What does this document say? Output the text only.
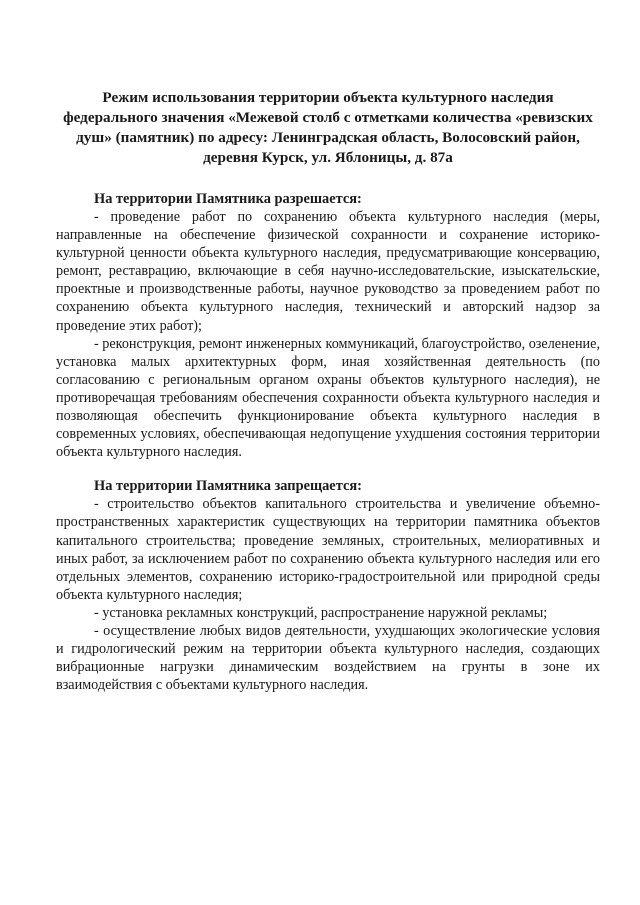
Режим использования территории объекта культурного наследия федерального значения «Межевой столб с отметками количества «ревизских душ» (памятник) по адресу: Ленинградская область, Волосовский район, деревня Курск, ул. Яблоницы, д. 87а

На территории Памятника разрешается:

- проведение работ по сохранению объекта культурного наследия (меры, направленные на обеспечение физической сохранности и сохранение историко-культурной ценности объекта культурного наследия, предусматривающие консервацию, ремонт, реставрацию, включающие в себя научно-исследовательские, изыскательские, проектные и производственные работы, научное руководство за проведением работ по сохранению объекта культурного наследия, технический и авторский надзор за проведение этих работ);

- реконструкция, ремонт инженерных коммуникаций, благоустройство, озеленение, установка малых архитектурных форм, иная хозяйственная деятельность (по согласованию с региональным органом охраны объектов культурного наследия), не противоречащая требованиям обеспечения сохранности объекта культурного наследия и позволяющая обеспечить функционирование объекта культурного наследия в современных условиях, обеспечивающая недопущение ухудшения состояния территории объекта культурного наследия.

На территории Памятника запрещается:

- строительство объектов капитального строительства и увеличение объемно-пространственных характеристик существующих на территории памятника объектов капитального строительства; проведение земляных, строительных, мелиоративных и иных работ, за исключением работ по сохранению объекта культурного наследия или его отдельных элементов, сохранению историко-градостроительной или природной среды объекта культурного наследия;

- установка рекламных конструкций, распространение наружной рекламы;

- осуществление любых видов деятельности, ухудшающих экологические условия и гидрологический режим на территории объекта культурного наследия, создающих вибрационные нагрузки динамическим воздействием на грунты в зоне их взаимодействия с объектами культурного наследия.
